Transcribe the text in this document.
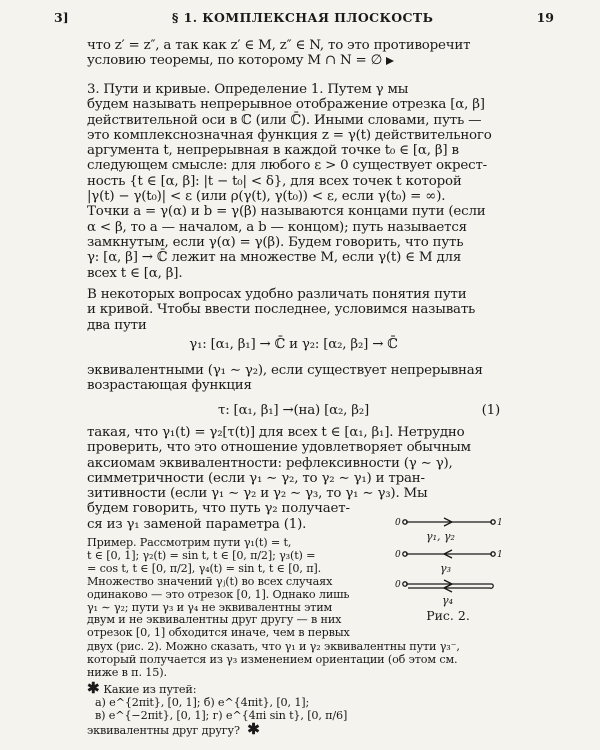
3]	§ 1. КОМПЛЕКСНАЯ ПЛОСКОСТЬ	19
что z′ = z″, а так как z′ ∈ M, z″ ∈ N, то это противоречит
условию теоремы, по которому M ∩ N = ∅
3. Пути и кривые. Определение 1. Путем γ мы
будем называть непрерывное отображение отрезка [α, β]
действительной оси в ℂ (или ℂ̄). Иными словами, путь —
это комплекснозначная функция z = γ(t) действительного
аргумента t, непрерывная в каждой точке t₀ ∈ [α, β] в
следующем смысле: для любого ε > 0 существует окрест-
ность {t ∈ [α, β]: |t − t₀| < δ}, для всех точек t которой
|γ(t) − γ(t₀)| < ε (или ρ(γ(t), γ(t₀)) < ε, если γ(t₀) = ∞).
Точки a = γ(α) и b = γ(β) называются концами пути (если
α < β, то a — началом, а b — концом); путь называется
замкнутым, если γ(α) = γ(β). Будем говорить, что путь
γ: [α, β] → ℂ̄ лежит на множестве M, если γ(t) ∈ M для
всех t ∈ [α, β].
В некоторых вопросах удобно различать понятия пути
и кривой. Чтобы ввести последнее, условимся называть
два пути
γ₁: [α₁, β₁] → ℂ̄ и γ₂: [α₂, β₂] → ℂ̄
эквивалентными (γ₁ ∼ γ₂), если существует непрерывная
возрастающая функция
τ: [α₁, β₁] →(на) [α₂, β₂]	(1)
такая, что γ₁(t) = γ₂[τ(t)] для всех t ∈ [α₁, β₁]. Нетрудно
проверить, что это отношение удовлетворяет обычным
аксиомам эквивалентности: рефлексивности (γ ∼ γ),
симметричности (если γ₁ ∼ γ₂, то γ₂ ∼ γ₁) и тран-
зитивности (если γ₁ ∼ γ₂ и γ₂ ∼ γ₃, то γ₁ ∼ γ₃). Мы
будем говорить, что путь γ₂ получает-
ся из γ₁ заменой параметра (1).
Пример. Рассмотрим пути γ₁(t) = t,
t ∈ [0, 1]; γ₂(t) = sin t, t ∈ [0, π/2]; γ₃(t) =
= cos t, t ∈ [0, π/2], γ₄(t) = sin t, t ∈ [0, π].
Множество значений γⱼ(t) во всех случаях
одинаково — это отрезок [0, 1]. Однако лишь
γ₁ ∼ γ₂; пути γ₃ и γ₄ не эквивалентны этим
двум и не эквивалентны друг другу — в них
отрезок [0, 1] обходится иначе, чем в первых
двух (рис. 2). Можно сказать, что γ₁ и γ₂ эквивалентны пути γ₃⁻,
который получается из γ₃ изменением ориентации (об этом см.
ниже в п. 15).
✱ Какие из путей:
а) e^{2πit}, [0, 1]; б) e^{4πit}, [0, 1];
в) e^{−2πit}, [0, 1]; г) e^{4πi sin t}, [0, π/6]
эквивалентны друг другу? ✱
0	1
γ₁, γ₂
0	1
γ₃
0
γ₄
Рис. 2.
